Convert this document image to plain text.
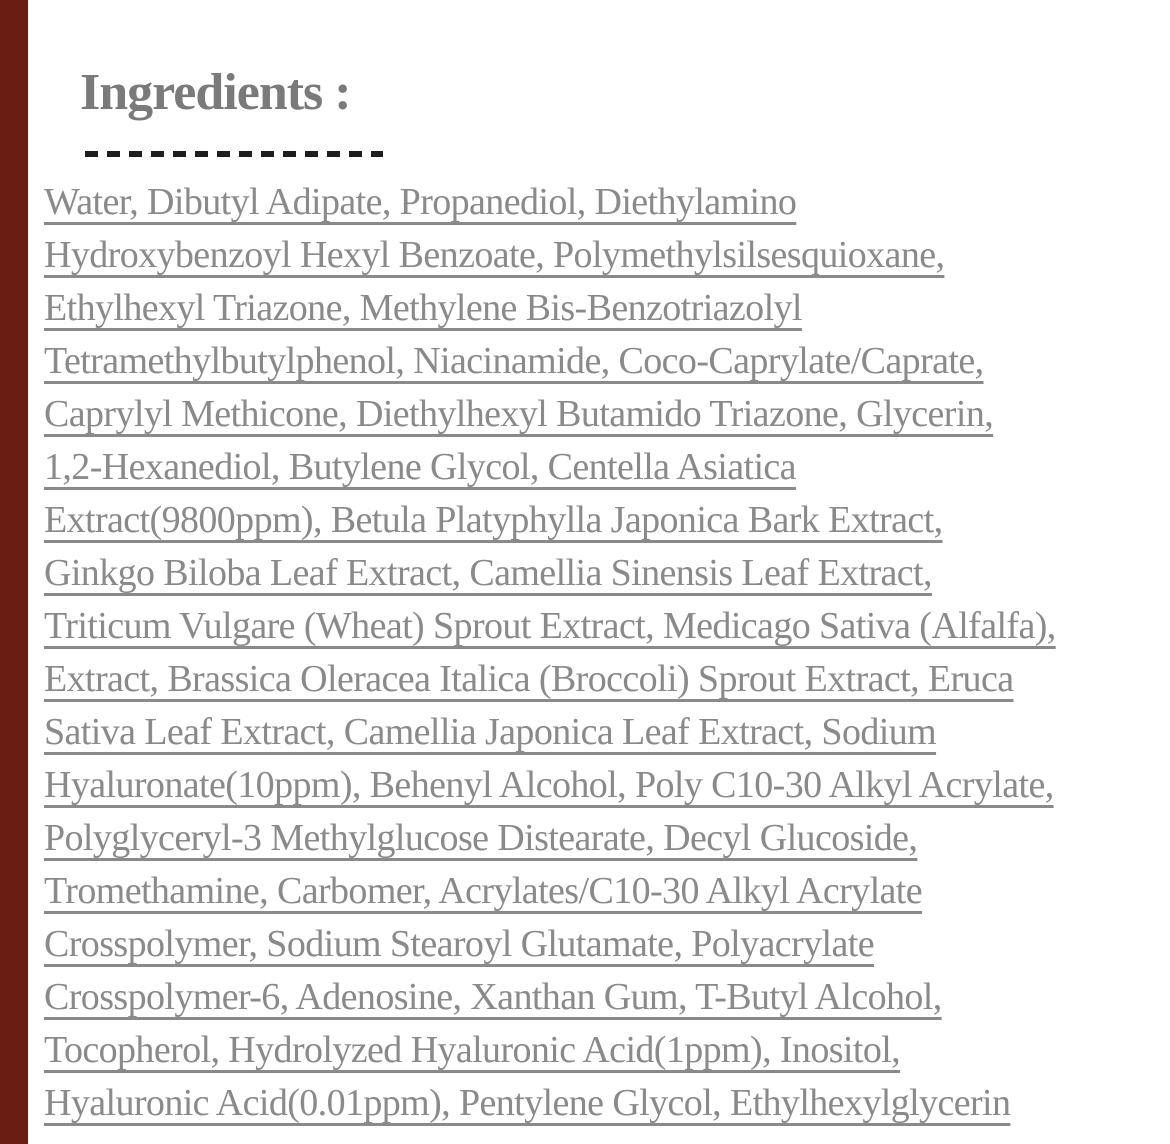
Ingredients :
Water, Dibutyl Adipate, Propanediol, Diethylamino
Hydroxybenzoyl Hexyl Benzoate, Polymethylsilsesquioxane,
Ethylhexyl Triazone, Methylene Bis-Benzotriazolyl
Tetramethylbutylphenol, Niacinamide, Coco-Caprylate/Caprate,
Caprylyl Methicone, Diethylhexyl Butamido Triazone, Glycerin,
1,2-Hexanediol, Butylene Glycol, Centella Asiatica
Extract(9800ppm), Betula Platyphylla Japonica Bark Extract,
Ginkgo Biloba Leaf Extract, Camellia Sinensis Leaf Extract,
Triticum Vulgare (Wheat) Sprout Extract, Medicago Sativa (Alfalfa),
Extract, Brassica Oleracea Italica (Broccoli) Sprout Extract, Eruca
Sativa Leaf Extract, Camellia Japonica Leaf Extract, Sodium
Hyaluronate(10ppm), Behenyl Alcohol, Poly C10-30 Alkyl Acrylate,
Polyglyceryl-3 Methylglucose Distearate, Decyl Glucoside,
Tromethamine, Carbomer, Acrylates/C10-30 Alkyl Acrylate
Crosspolymer, Sodium Stearoyl Glutamate, Polyacrylate
Crosspolymer-6, Adenosine, Xanthan Gum, T-Butyl Alcohol,
Tocopherol, Hydrolyzed Hyaluronic Acid(1ppm), Inositol,
Hyaluronic Acid(0.01ppm), Pentylene Glycol, Ethylhexylglycerin
